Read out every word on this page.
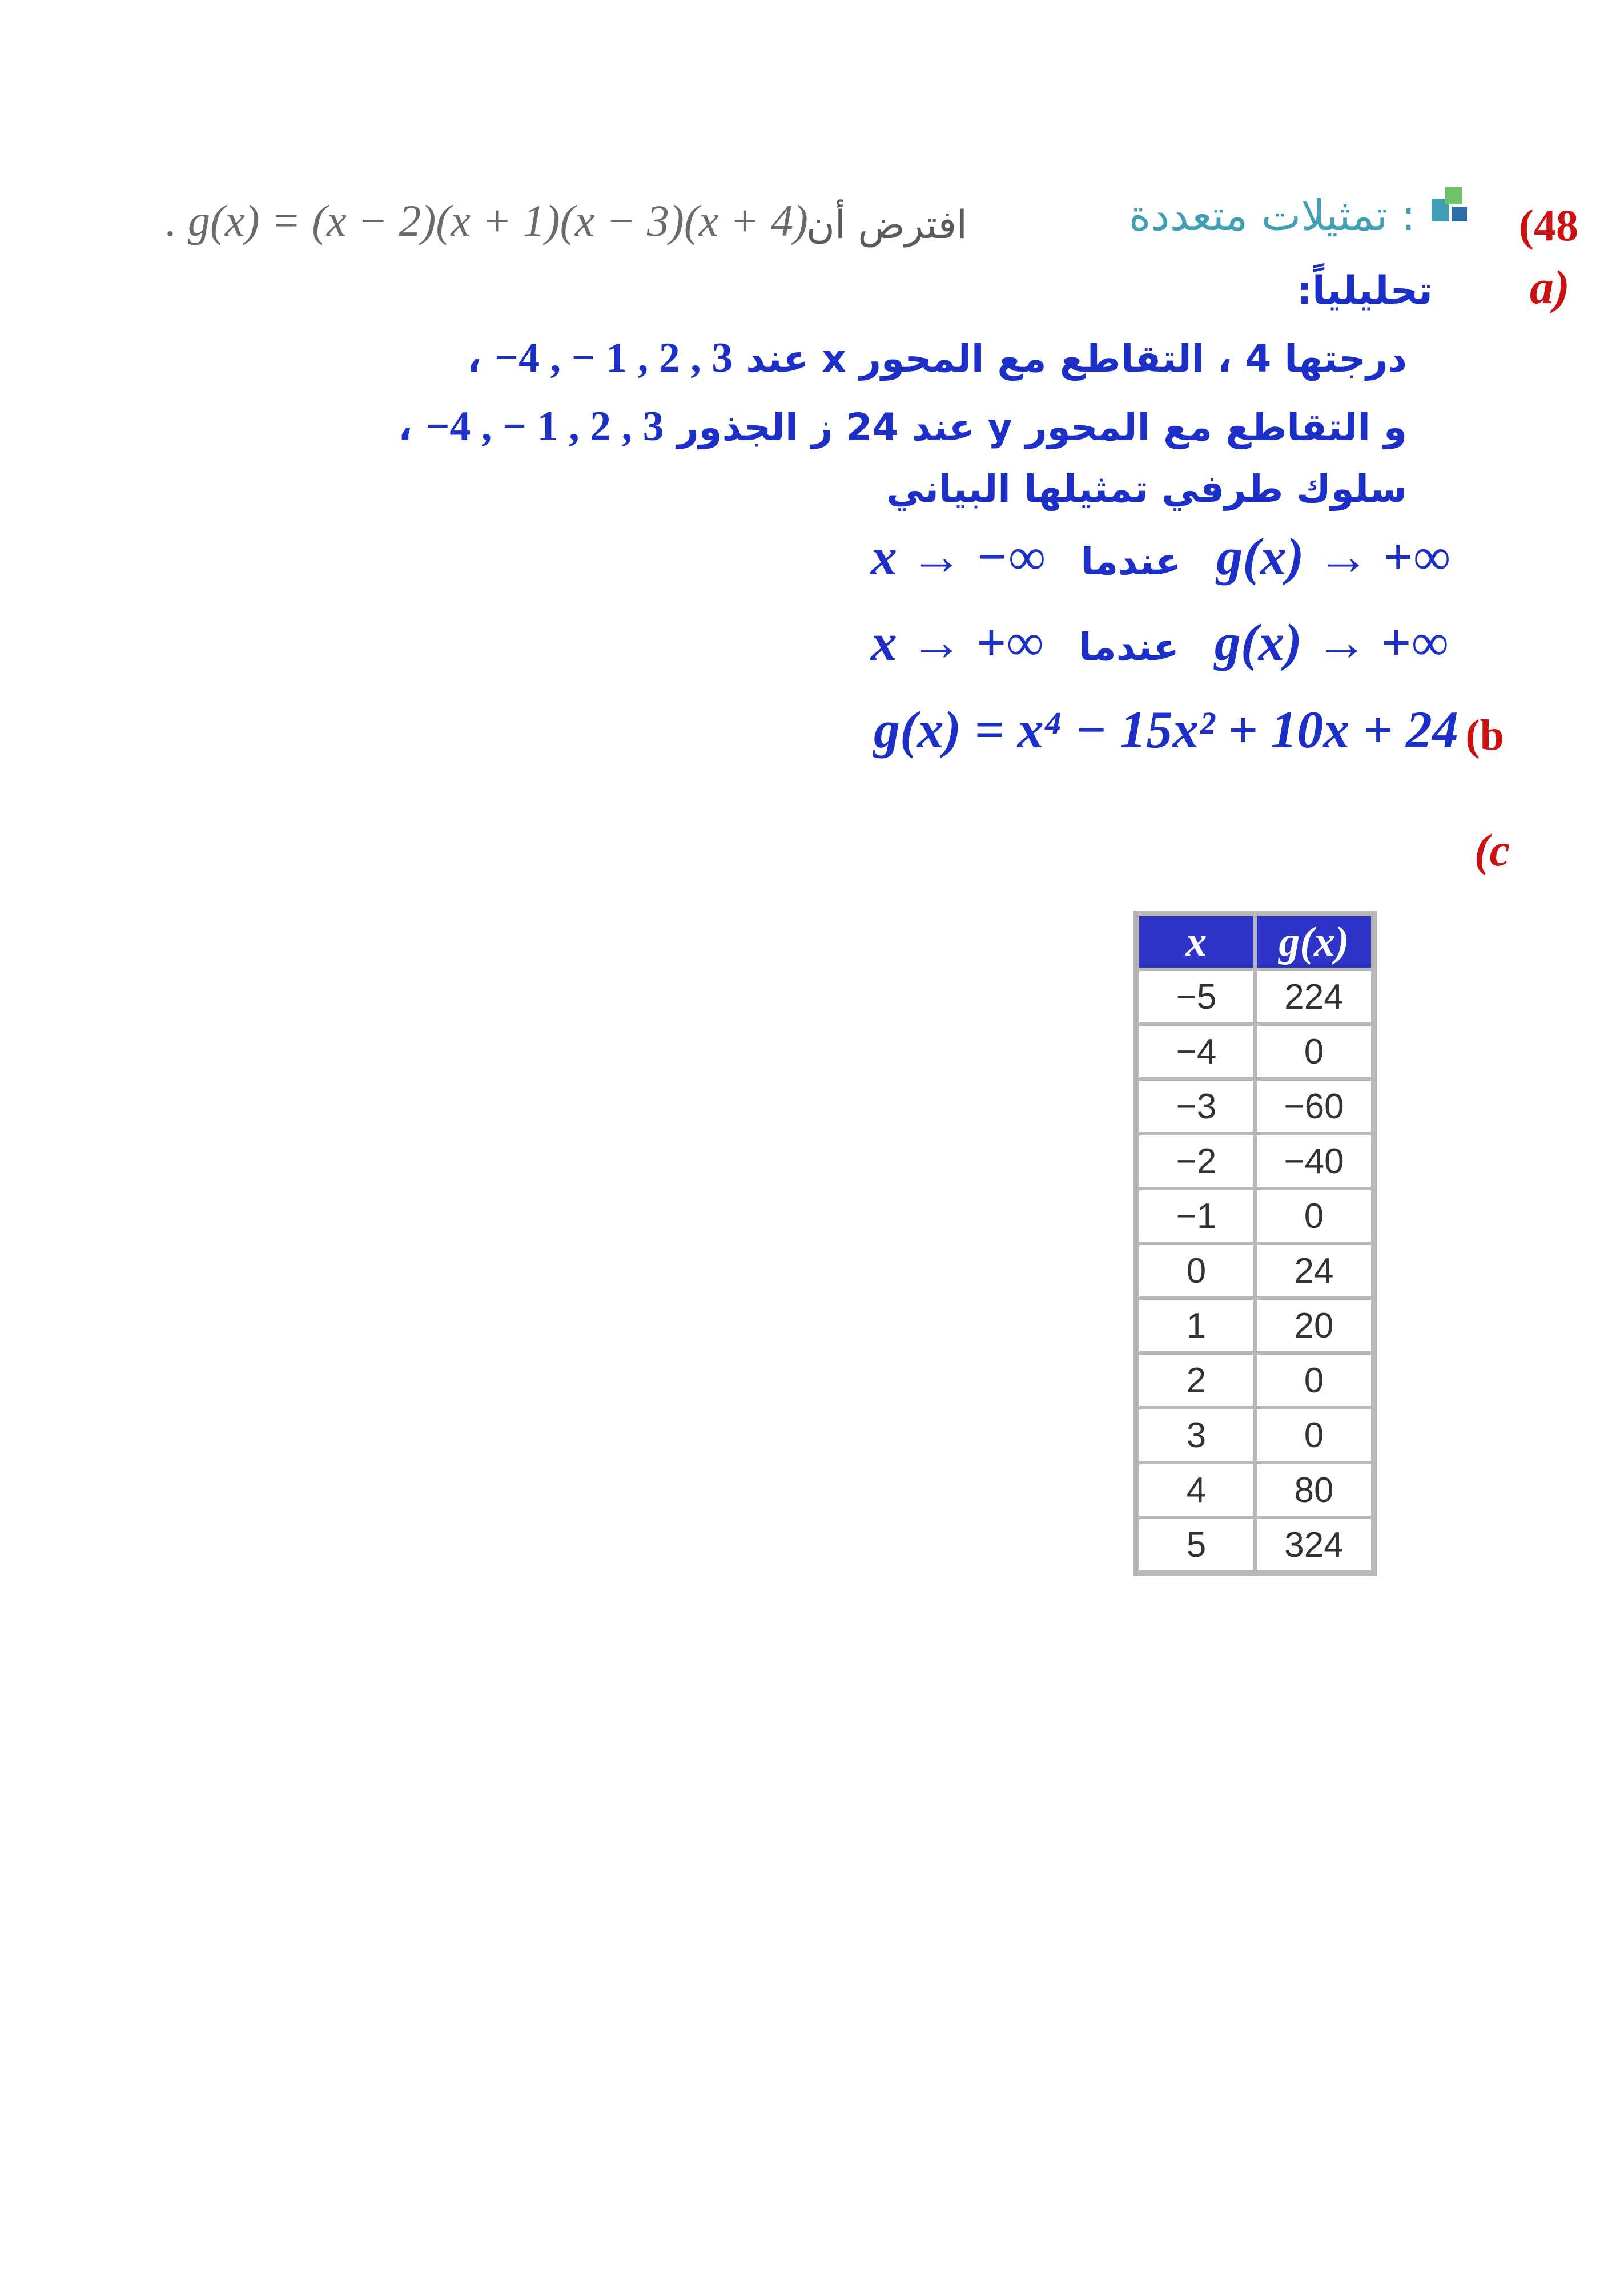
(48
تمثيلات متعددة :
افترض أن
. g(x) = (x − 2)(x + 1)(x − 3)(x + 4)
a)
تحليلياً:
درجتها 4 ، التقاطع مع المحور x عند 3 , 2 , 1 − , 4− ،
و التقاطع مع المحور y عند 24 ز الجذور 3 , 2 , 1 − , 4− ،
سلوك طرفي تمثيلها البياني
x → −∞ عندما g(x) → +∞
x → +∞ عندما g(x) → +∞
g(x) = x⁴ − 15x² + 10x + 24 (b
(c
x	g(x)
−5	224
−4	0
−3	−60
−2	−40
−1	0
0	24
1	20
2	0
3	0
4	80
5	324
